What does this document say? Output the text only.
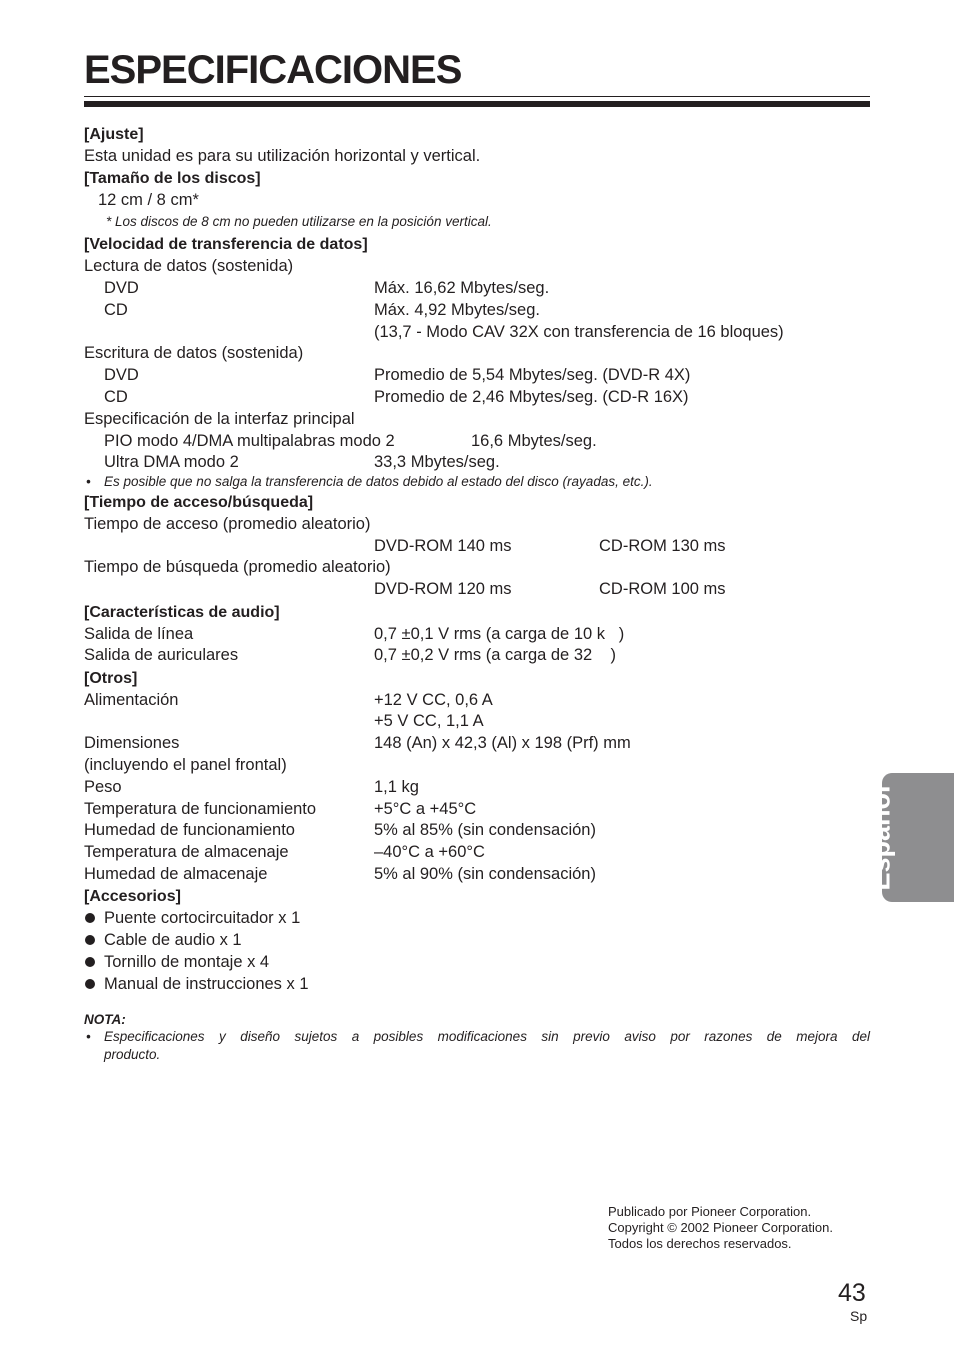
ESPECIFICACIONES
[Ajuste]
Esta unidad es para su utilización horizontal y vertical.
[Tamaño de los discos]
12 cm / 8 cm*
* Los discos de 8 cm no pueden utilizarse en la posición vertical.
[Velocidad de transferencia de datos]
Lectura de datos (sostenida)
DVD	Máx. 16,62 Mbytes/seg.
CD	Máx. 4,92 Mbytes/seg.
(13,7 - Modo CAV 32X con transferencia de 16 bloques)
Escritura de datos (sostenida)
DVD	Promedio de 5,54 Mbytes/seg. (DVD-R 4X)
CD	Promedio de 2,46 Mbytes/seg. (CD-R 16X)
Especificación de la interfaz principal
PIO modo 4/DMA multipalabras modo 2	16,6 Mbytes/seg.
Ultra DMA modo 2	33,3 Mbytes/seg.
• Es posible que no salga la transferencia de datos debido al estado del disco (rayadas, etc.).
[Tiempo de acceso/búsqueda]
Tiempo de acceso (promedio aleatorio)
DVD-ROM 140 ms	CD-ROM 130 ms
Tiempo de búsqueda (promedio aleatorio)
DVD-ROM 120 ms	CD-ROM 100 ms
[Características de audio]
Salida de línea	0,7 ±0,1 V rms (a carga de 10 k   )
Salida de auriculares	0,7 ±0,2 V rms (a carga de 32    )
[Otros]
Alimentación	+12 V CC, 0,6 A
+5 V CC, 1,1 A
Dimensiones	148 (An) x 42,3 (Al) x 198 (Prf) mm
(incluyendo el panel frontal)
Peso	1,1 kg
Temperatura de funcionamiento	+5°C a +45°C
Humedad de funcionamiento	5% al 85% (sin condensación)
Temperatura de almacenaje	–40°C a +60°C
Humedad de almacenaje	5% al 90% (sin condensación)
[Accesorios]
Puente cortocircuitador x 1
Cable de audio x 1
Tornillo de montaje x 4
Manual de instrucciones x 1
NOTA:
• Especificaciones y diseño sujetos a posibles modificaciones sin previo aviso por razones de mejora del
producto.
Español
Publicado por Pioneer Corporation.
Copyright © 2002 Pioneer Corporation.
Todos los derechos reservados.
43
Sp
